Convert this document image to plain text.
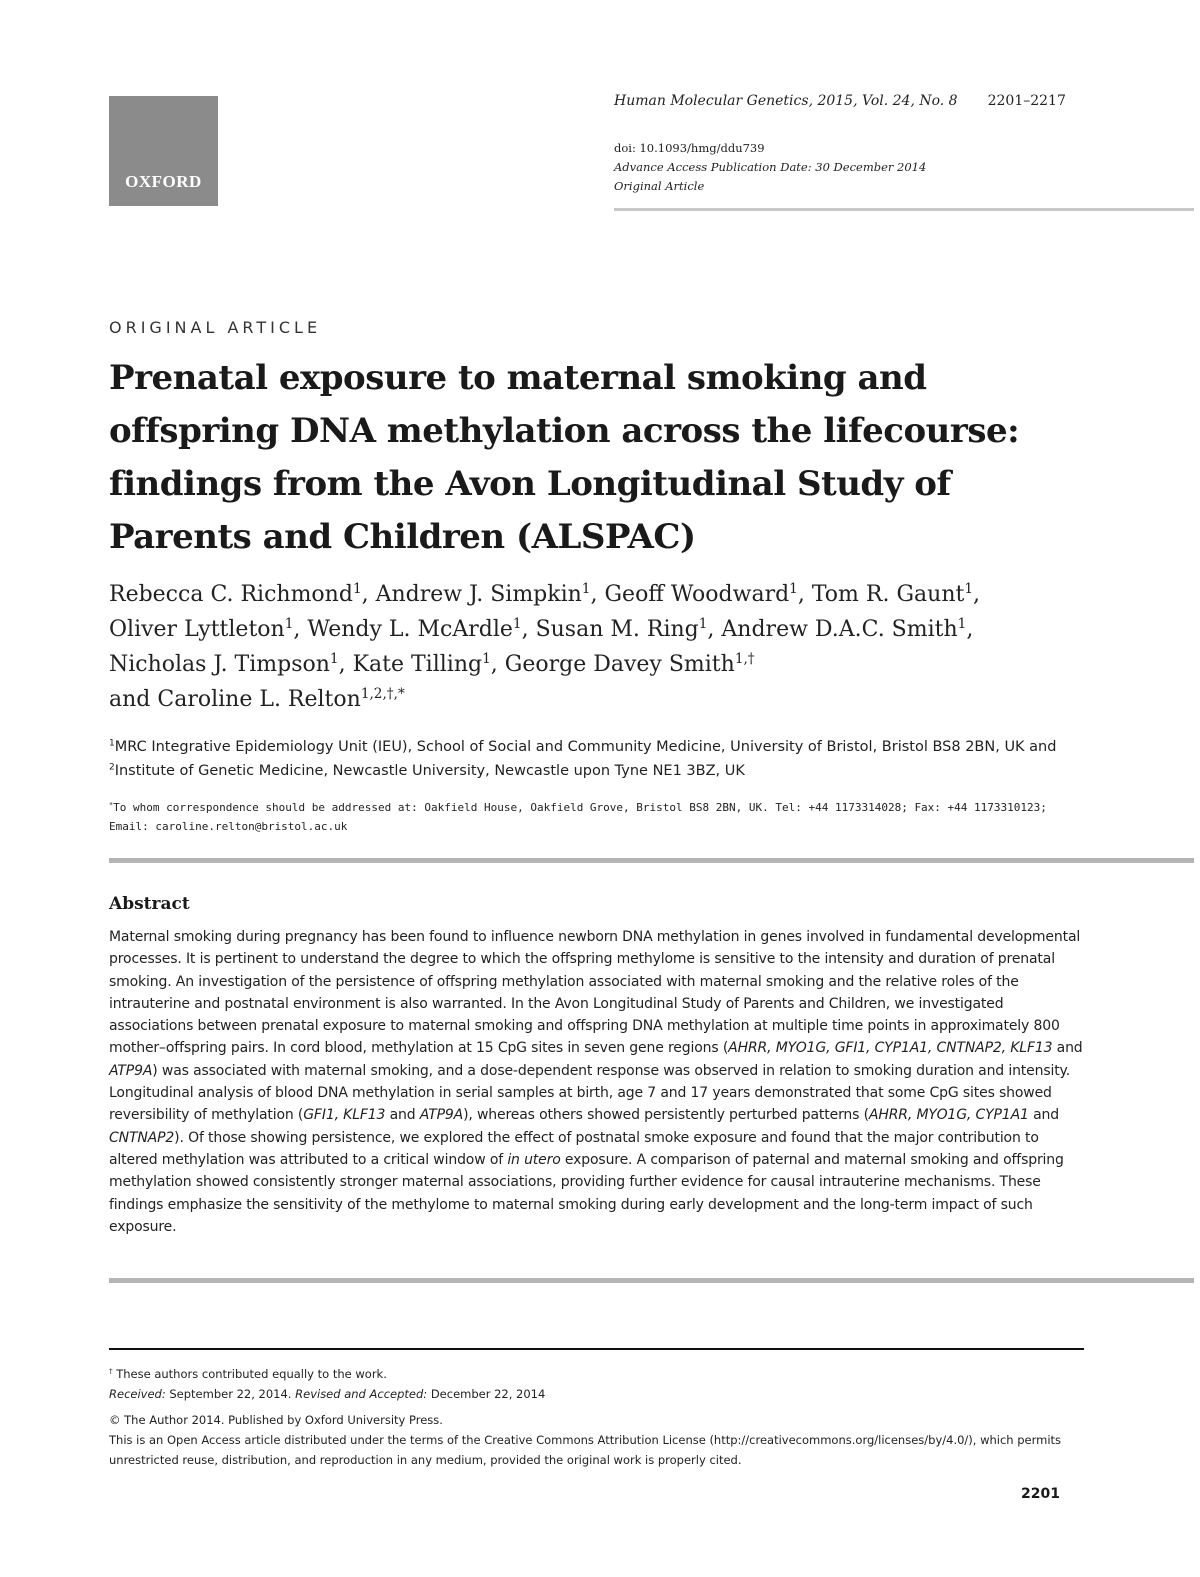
OXFORD
Human Molecular Genetics, 2015, Vol. 24, No. 8 2201–2217
doi: 10.1093/hmg/ddu739
Advance Access Publication Date: 30 December 2014
Original Article
ORIGINAL ARTICLE
Prenatal exposure to maternal smoking and offspring DNA methylation across the lifecourse: findings from the Avon Longitudinal Study of Parents and Children (ALSPAC)
Rebecca C. Richmond$^1$, Andrew J. Simpkin$^1$, Geoff Woodward$^1$, Tom R. Gaunt$^1$,
Oliver Lyttleton$^1$, Wendy L. McArdle$^1$, Susan M. Ring$^1$, Andrew D.A.C. Smith$^1$,
Nicholas J. Timpson$^1$, Kate Tilling$^1$, George Davey Smith$^{1,\dagger}$
and Caroline L. Relton$^{1,2,\dagger,*}$
$^1$MRC Integrative Epidemiology Unit (IEU), School of Social and Community Medicine, University of Bristol, Bristol BS8 2BN, UK and $^2$Institute of Genetic Medicine, Newcastle University, Newcastle upon Tyne NE1 3BZ, UK
*To whom correspondence should be addressed at: Oakfield House, Oakfield Grove, Bristol BS8 2BN, UK. Tel: +44 1173314028; Fax: +44 1173310123;
Email: caroline.relton@bristol.ac.uk
Abstract
Maternal smoking during pregnancy has been found to influence newborn DNA methylation in genes involved in fundamental developmental processes. It is pertinent to understand the degree to which the offspring methylome is sensitive to the intensity and duration of prenatal smoking. An investigation of the persistence of offspring methylation associated with maternal smoking and the relative roles of the intrauterine and postnatal environment is also warranted. In the Avon Longitudinal Study of Parents and Children, we investigated associations between prenatal exposure to maternal smoking and offspring DNA methylation at multiple time points in approximately 800 mother–offspring pairs. In cord blood, methylation at 15 CpG sites in seven gene regions (AHRR, MYO1G, GFI1, CYP1A1, CNTNAP2, KLF13 and ATP9A) was associated with maternal smoking, and a dose-dependent response was observed in relation to smoking duration and intensity. Longitudinal analysis of blood DNA methylation in serial samples at birth, age 7 and 17 years demonstrated that some CpG sites showed reversibility of methylation (GFI1, KLF13 and ATP9A), whereas others showed persistently perturbed patterns (AHRR, MYO1G, CYP1A1 and CNTNAP2). Of those showing persistence, we explored the effect of postnatal smoke exposure and found that the major contribution to altered methylation was attributed to a critical window of in utero exposure. A comparison of paternal and maternal smoking and offspring methylation showed consistently stronger maternal associations, providing further evidence for causal intrauterine mechanisms. These findings emphasize the sensitivity of the methylome to maternal smoking during early development and the long-term impact of such exposure.
† These authors contributed equally to the work.
Received: September 22, 2014. Revised and Accepted: December 22, 2014
© The Author 2014. Published by Oxford University Press.
This is an Open Access article distributed under the terms of the Creative Commons Attribution License (http://creativecommons.org/licenses/by/4.0/), which permits unrestricted reuse, distribution, and reproduction in any medium, provided the original work is properly cited.
2201
